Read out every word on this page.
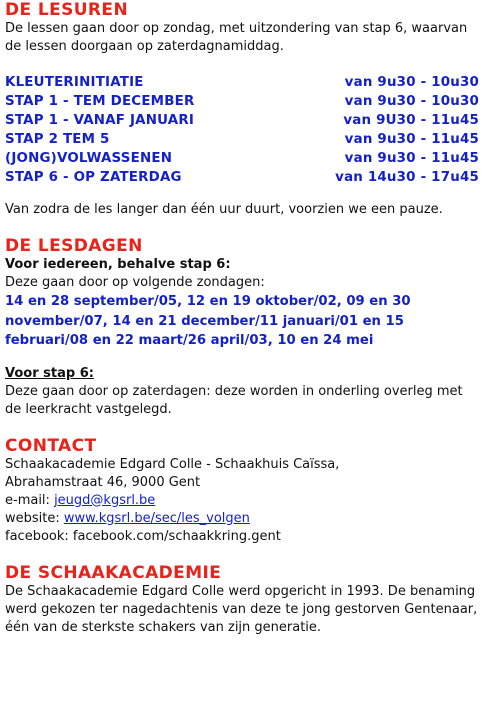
DE LESUREN

De lessen gaan door op zondag, met uitzondering van stap 6, waarvan de lessen doorgaan op zaterdagnamiddag.

KLEUTERINITIATIE	van 9u30 - 10u30
STAP 1 - TEM DECEMBER	van 9u30 - 10u30
STAP 1 - VANAF JANUARI	van 9U30 - 11u45
STAP 2 TEM 5	van 9u30 - 11u45
(JONG)VOLWASSENEN	van 9u30 - 11u45
STAP 6 - OP ZATERDAG	van 14u30 - 17u45

Van zodra de les langer dan één uur duurt, voorzien we een pauze.

DE LESDAGEN

Voor iedereen, behalve stap 6:

Deze gaan door op volgende zondagen:

14 en 28 september/05, 12 en 19 oktober/02, 09 en 30 november/07, 14 en 21 december/11 januari/01 en 15 februari/08 en 22 maart/26 april/03, 10 en 24 mei

Voor stap 6:

Deze gaan door op zaterdagen: deze worden in onderling overleg met de leerkracht vastgelegd.

CONTACT

Schaakacademie Edgard Colle - Schaakhuis Caïssa,

Abrahamstraat 46, 9000 Gent

e-mail: jeugd@kgsrl.be

website: www.kgsrl.be/sec/les_volgen

facebook: facebook.com/schaakkring.gent

DE SCHAAKACADEMIE

De Schaakacademie Edgard Colle werd opgericht in 1993. De benaming werd gekozen ter nagedachtenis van deze te jong gestorven Gentenaar, één van de sterkste schakers van zijn generatie.
